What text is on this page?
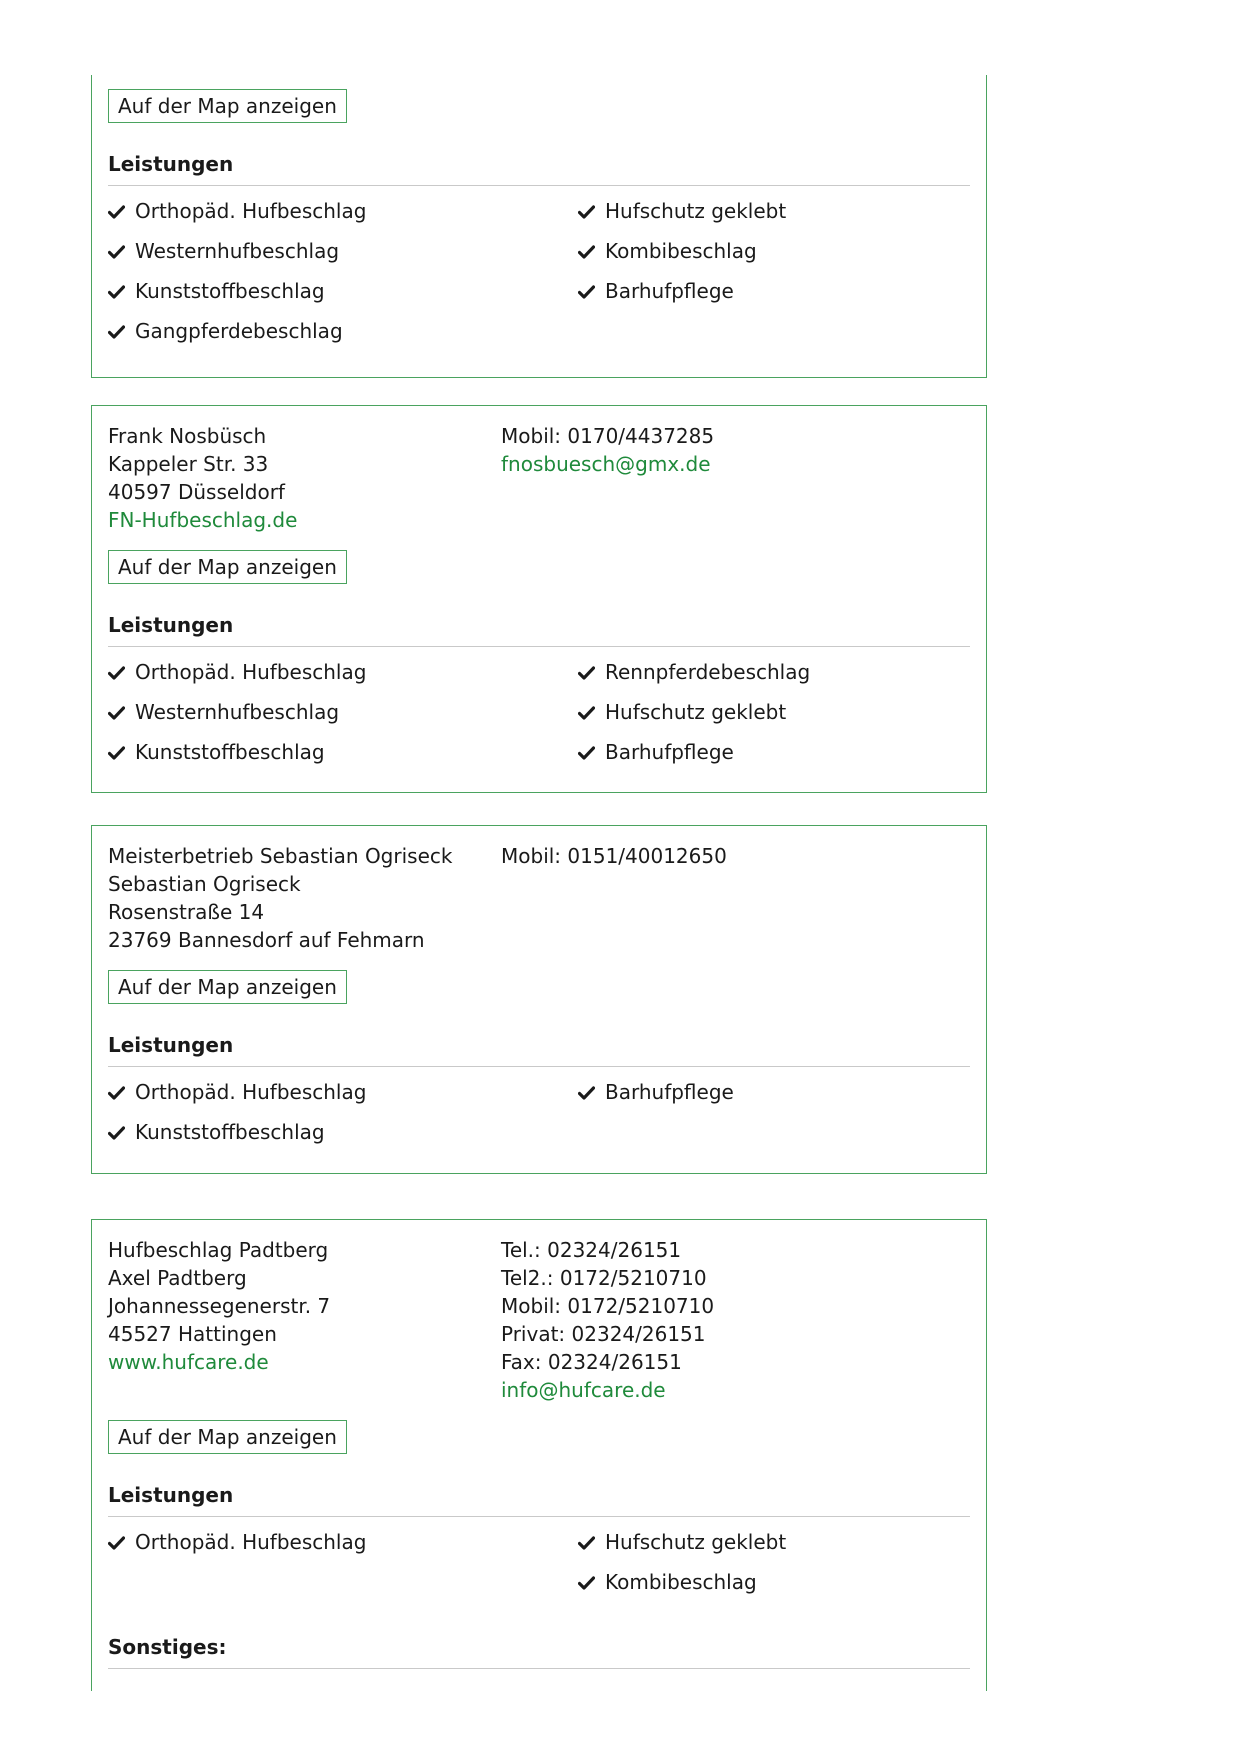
Auf der Map anzeigen
Leistungen
Orthopäd. Hufbeschlag	Hufschutz geklebt
Westernhufbeschlag	Kombibeschlag
Kunststoffbeschlag	Barhufpflege
Gangpferdebeschlag
Frank Nosbüsch
Kappeler Str. 33
40597 Düsseldorf
FN-Hufbeschlag.de
Mobil: 0170/4437285
fnosbuesch@gmx.de
Auf der Map anzeigen
Leistungen
Orthopäd. Hufbeschlag	Rennpferdebeschlag
Westernhufbeschlag	Hufschutz geklebt
Kunststoffbeschlag	Barhufpflege
Meisterbetrieb Sebastian Ogriseck
Sebastian Ogriseck
Rosenstraße 14
23769 Bannesdorf auf Fehmarn
Mobil: 0151/40012650
Auf der Map anzeigen
Leistungen
Orthopäd. Hufbeschlag	Barhufpflege
Kunststoffbeschlag
Hufbeschlag Padtberg
Axel Padtberg
Johannessegenerstr. 7
45527 Hattingen
www.hufcare.de
Tel.: 02324/26151
Tel2.: 0172/5210710
Mobil: 0172/5210710
Privat: 02324/26151
Fax: 02324/26151
info@hufcare.de
Auf der Map anzeigen
Leistungen
Orthopäd. Hufbeschlag	Hufschutz geklebt
Kombibeschlag
Sonstiges:
